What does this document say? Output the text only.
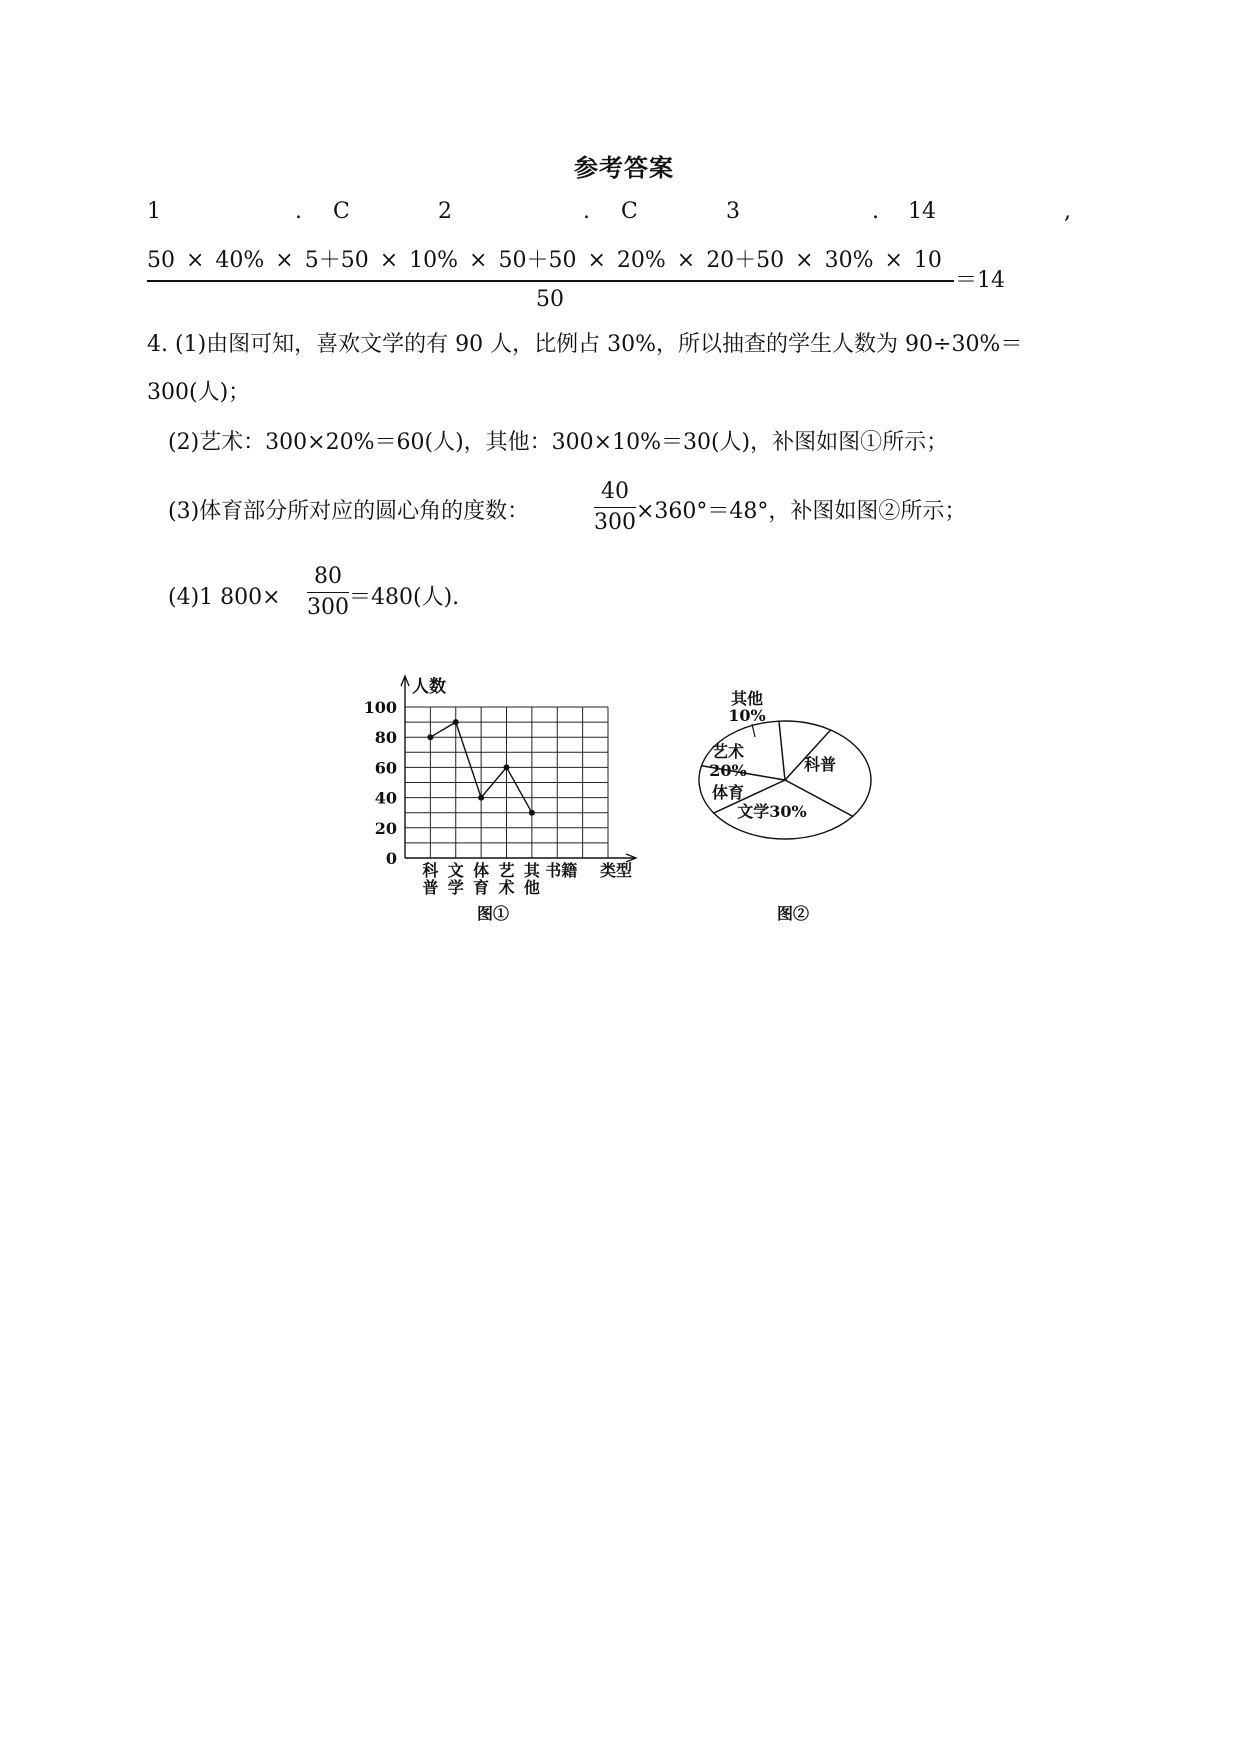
参考答案
1	. C	2	. C	3	. 14	,
50 × 40% × 5＋50 × 10% × 50＋50 × 20% × 20＋50 × 30% × 10
50
＝14
4. (1)由图可知，喜欢文学的有 90 人，比例占 30%，所以抽查的学生人数为 90÷30%＝
300(人)；
(2)艺术：300×20%＝60(人)，其他：300×10%＝30(人)，补图如图①所示；
(3)体育部分所对应的圆心角的度数：
40
300 ×360°＝48°，补图如图②所示；
(4)1 800×
80
300 ＝480(人).
人数
0
20
40
60
80
100
科
普
文
学
体
育
艺
术
其
他
书籍 类型
图①
科普
文学30%
体育
艺术
20%
其他
10%
图②
